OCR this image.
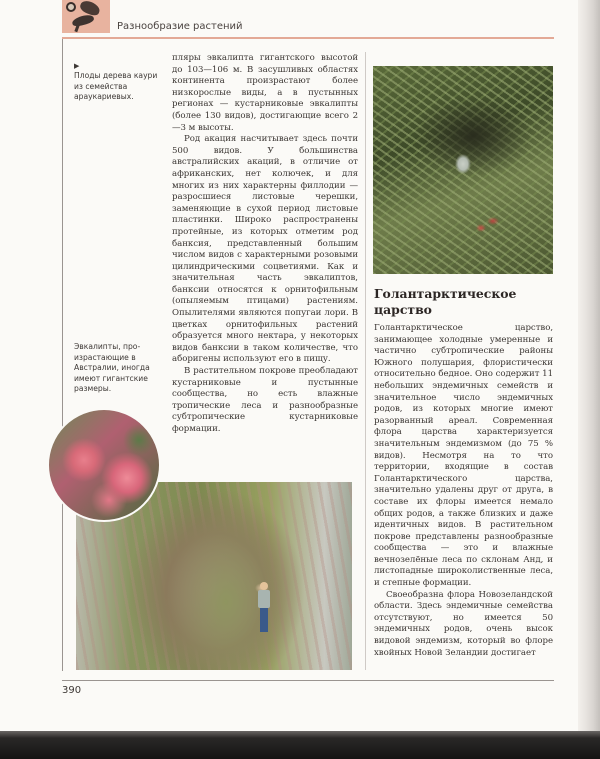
Разнообразие растений
▶
Плоды дерева каури из семейства араукариевых.
Эвкалипты, про-израстающие в Австралии, иногда имеют гигантские размеры.

пляры эвкалипта гигантского высотой до 103—106 м. В засушливых областях континента произрастают более низкорослые виды, а в пустынных регионах — кустарниковые эвкалипты (более 130 видов), достигающие всего 2—3 м высоты.

Род акация насчитывает здесь почти 500 видов. У большинства австралийских акаций, в отличие от африканских, нет колючек, и для многих из них характерны филлодии — разросшиеся листовые черешки, заменяющие в сухой период листовые пластинки. Широко распространены протейные, из которых отметим род банксия, представленный большим числом видов с характерными розовыми цилиндрическими соцветиями. Как и значительная часть эвкалиптов, банксии относятся к орнитофильным (опыляемым птицами) растениям. Опылителями являются попугаи лори. В цветках орнитофильных растений образуется много нектара, у некоторых видов банксии в таком количестве, что аборигены используют его в пищу.

В растительном покрове преобладают кустарниковые и пустынные сообщества, но есть влажные тропические леса и разнообразные субтропические кустарниковые формации.

Голантарктическое царство

Голантарктическое царство, занимающее холодные умеренные и частично субтропические районы Южного полушария, флористически относительно бедное. Оно содержит 11 небольших эндемичных семейств и значительное число эндемичных родов, из которых многие имеют разорванный ареал. Современная флора царства характеризуется значительным эндемизмом (до 75 % видов). Несмотря на то что территории, входящие в состав Голантарктического царства, значительно удалены друг от друга, в составе их флоры имеется немало общих родов, а также близких и даже идентичных видов. В растительном покрове представлены разнообразные сообщества — это и влажные вечнозелёные леса по склонам Анд, и листопадные широколиственные леса, и степные формации.

Своеобразна флора Новозеландской области. Здесь эндемичные семейства отсутствуют, но имеется 50 эндемичных родов, очень высок видовой эндемизм, который во флоре хвойных Новой Зеландии достигает

390
